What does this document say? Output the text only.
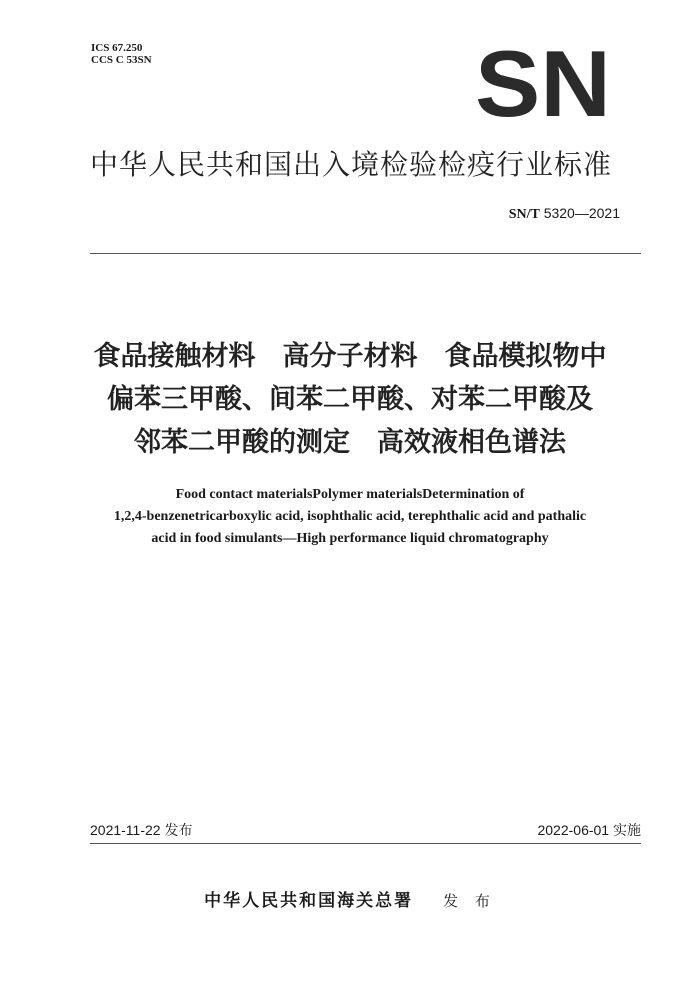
ICS 67.250
CCS C 53SN	SN
中华人民共和国出入境检验检疫行业标准
SN/T 5320—2021
食品接触材料　高分子材料　食品模拟物中
偏苯三甲酸、间苯二甲酸、对苯二甲酸及
邻苯二甲酸的测定　高效液相色谱法
Food contact materialsPolymer materialsDetermination of
1,2,4-benzenetricarboxylic acid, isophthalic acid, terephthalic acid and pathalic
acid in food simulants—High performance liquid chromatography
2021-11-22 发布	2022-06-01 实施
中华人民共和国海关总署 发 布
